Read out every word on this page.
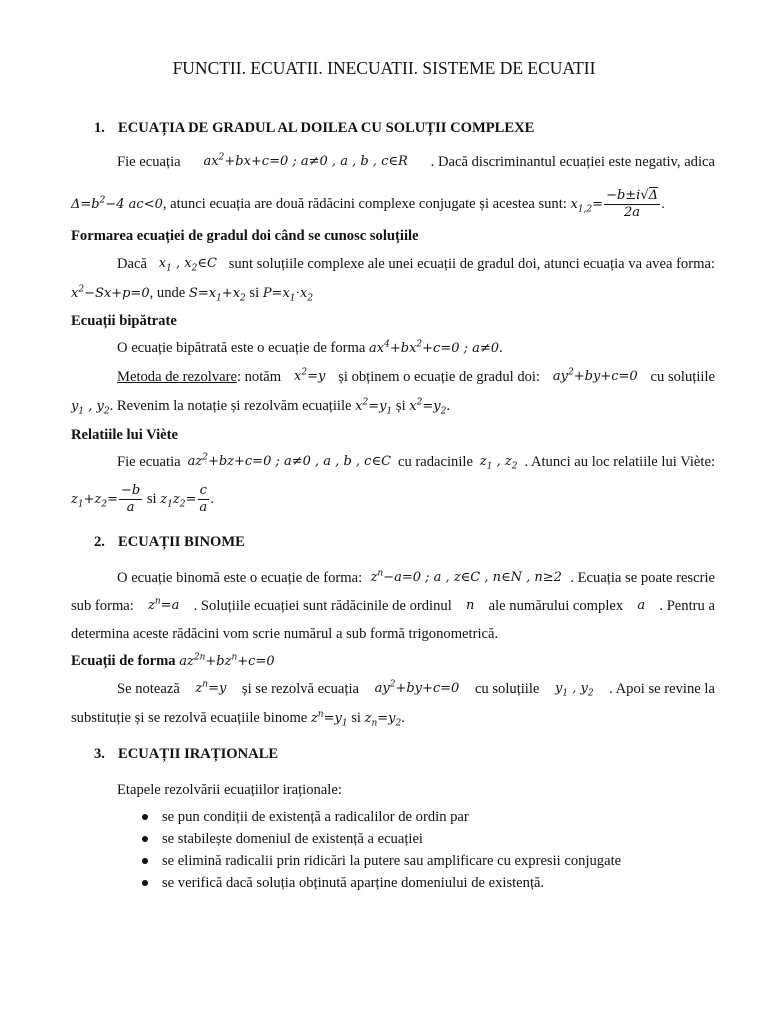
FUNCTII. ECUATII. INECUATII. SISTEME DE ECUATII
1. ECUAȚIA DE GRADUL AL DOILEA CU SOLUȚII COMPLEXE
Fie ecuația $ax^2+bx+c=0$ ; a≠0 , a , b , c∈R . Dacă discriminantul ecuației este negativ, adica
$\Delta=b^2-4$ ac<0, atunci ecuația are două rădăcini complexe conjugate și acestea sunt: $x_{1,2}= \frac{-b\pm i√\Delta}{2a}$ .
Formarea ecuației de gradul doi când se cunosc soluțiile
Dacă $x_1$ , $x_2\in C$ sunt soluțiile complexe ale unei ecuații de gradul doi, atunci ecuația va avea forma:
$x^2-Sx+p=0$, unde $S=x_1+x_2$ si $P=x_1\cdot x_2$
Ecuații bipătrate
O ecuație bipătrată este o ecuație de forma $ax^4+bx^2+c=0$ ; a≠0.
Metoda de rezolvare: notăm $x^2=y$ și obținem o ecuație de gradul doi: $ay^2+by+c=0$ cu soluțiile
$y_1$ , $y_2$. Revenim la notație și rezolvăm ecuațiile $x^2=y_1$ și $x^2=y_2$.
Relatiile lui Viète
Fie ecuatia $az^2+bz+c=0$ ; a≠0 , a , b , c∈C cu radacinile $z_1$ , $z_2$ . Atunci au loc relatiile lui Viète:
$z_1+z_2= \frac{-b}{a}$ si $z_1z_2= \frac{c}{a}$ .
2. ECUAȚII BINOME
O ecuație binomă este o ecuație de forma: $z^n-a=0$ ; a , z∈C , n∈N , n≥2 . Ecuația se poate rescrie
sub forma: $z^n=a$ . Soluțiile ecuației sunt rădăcinile de ordinul n ale numărului complex a . Pentru a
determina aceste rădăcini vom scrie numărul a sub formă trigonometrică.
Ecuații de forma $az^{2n}+bz^n+c=0$
Se notează $z^n=y$ și se rezolvă ecuația $ay^2+by+c=0$ cu soluțiile $y_1$ , $y_2$ . Apoi se revine la
substituție și se rezolvă ecuațiile binome $z^n=y_1$ si $z_n=y_2$.
3. ECUAȚII IRAȚIONALE
Etapele rezolvării ecuațiilor iraționale:
se pun condiții de existență a radicalilor de ordin par
se stabilește domeniul de existență a ecuației
se elimină radicalii prin ridicări la putere sau amplificare cu expresii conjugate
se verifică dacă soluția obținută aparține domeniului de existență.
